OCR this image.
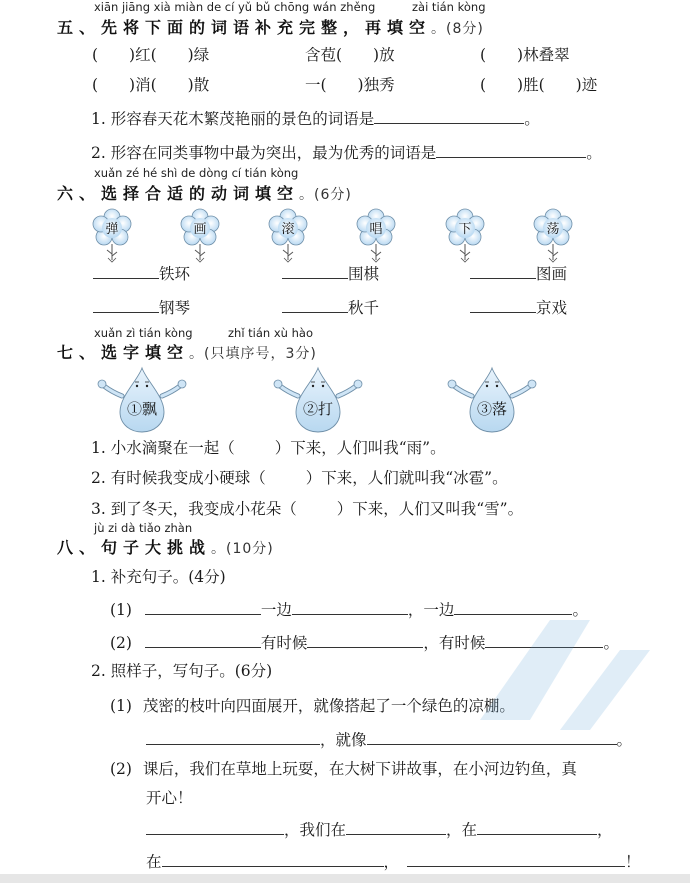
xiān jiāng xià miàn de cí yǔ bǔ chōng wán zhěng	zài tián kòng
五、先将下面的词语补充完整，再填空。(8分)
(　　)红(　　)绿	含苞(　　)放	(　　)林叠翠
(　　)消(　　)散	一(　　)独秀	(　　)胜(　　)迹
1. 形容春天花木繁茂艳丽的景色的词语是	。
2. 形容在同类事物中最为突出，最为优秀的词语是	。
xuǎn zé hé shì de dòng cí tián kòng
六、选择合适的动词填空。(6分)
弹	画	滚	唱	下	荡
铁环	围棋	图画
钢琴	秋千	京戏
xuǎn zì tián kòng	zhǐ tián xù hào
七、选字填空。(只填序号，3分)
①飘	②打	③落
1. 小水滴聚在一起（	）下来，人们叫我“雨”。
2. 有时候我变成小硬球（	）下来，人们就叫我“冰雹”。
3. 到了冬天，我变成小花朵（	）下来，人们又叫我“雪”。
jù zi dà tiǎo zhàn
八、句子大挑战。(10分)
1. 补充句子。(4分)
(1)	一边	，一边	。
(2)	有时候	，有时候	。
2. 照样子，写句子。(6分)
(1) 茂密的枝叶向四面展开，就像搭起了一个绿色的凉棚。
，就像	。
(2) 课后，我们在草地上玩耍，在大树下讲故事，在小河边钓鱼，真
开心！
，我们在	，在	，
在	，	！
